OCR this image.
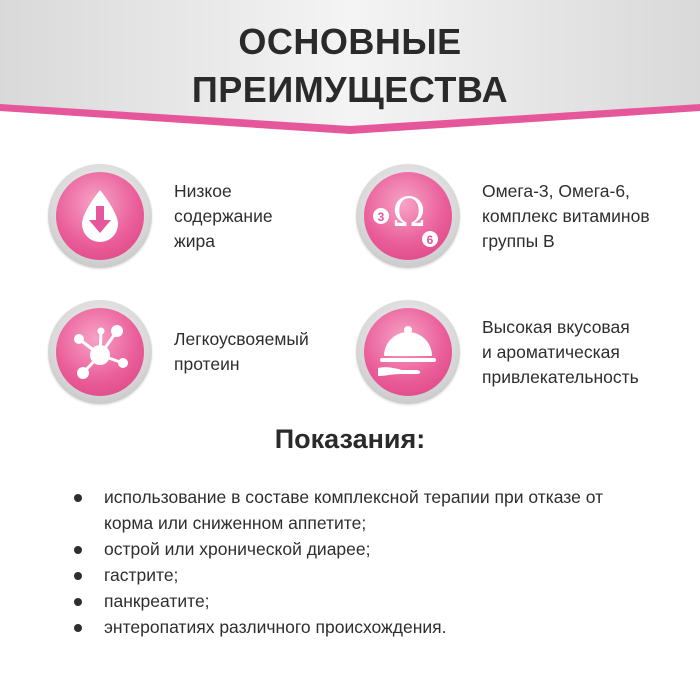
ОСНОВНЫЕ
ПРЕИМУЩЕСТВА
Низкое
содержание
жира
Ω
3
6
Омега-3, Омега-6,
комплекс витаминов
группы В
Легкоусвояемый
протеин
Высокая вкусовая
и ароматическая
привлекательность
Показания:
использование в составе комплексной терапии при отказе от корма или сниженном аппетите;
острой или хронической диарее;
гастрите;
панкреатите;
энтеропатиях различного происхождения.
